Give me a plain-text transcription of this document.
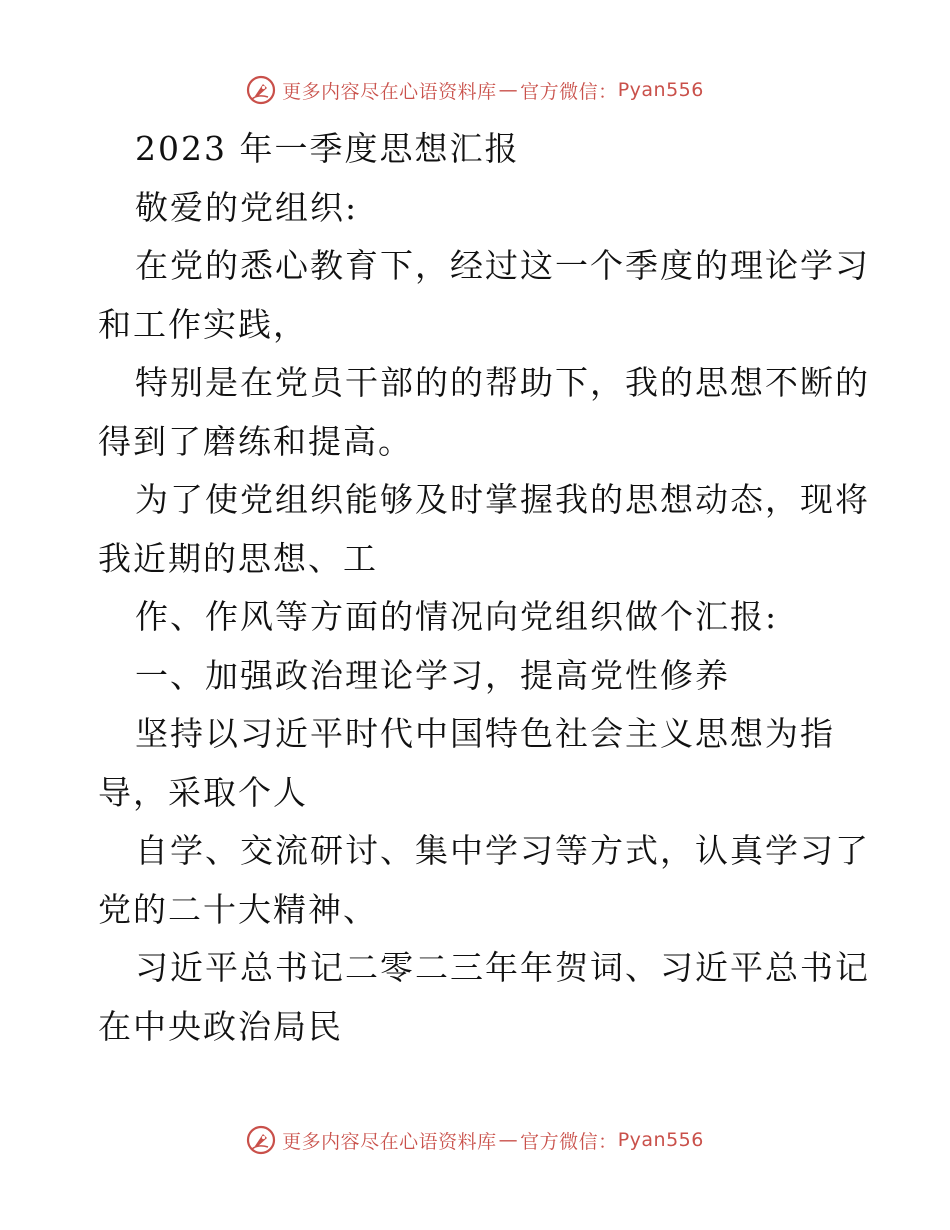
更多内容尽在心语资料库 — 官方微信： Pyan556
2023 年一季度思想汇报
敬爱的党组织:
在党的悉心教育下，经过这一个季度的理论学习
和工作实践，
特别是在党员干部的的帮助下，我的思想不断的
得到了磨练和提高。
为了使党组织能够及时掌握我的思想动态，现将
我近期的思想、工
作、作风等方面的情况向党组织做个汇报:
一、加强政治理论学习，提高党性修养
坚持以习近平时代中国特色社会主义思想为指
导，采取个人
自学、交流研讨、集中学习等方式，认真学习了
党的二十大精神、
习近平总书记二零二三年年贺词、习近平总书记
在中央政治局民
更多内容尽在心语资料库 — 官方微信： Pyan556
